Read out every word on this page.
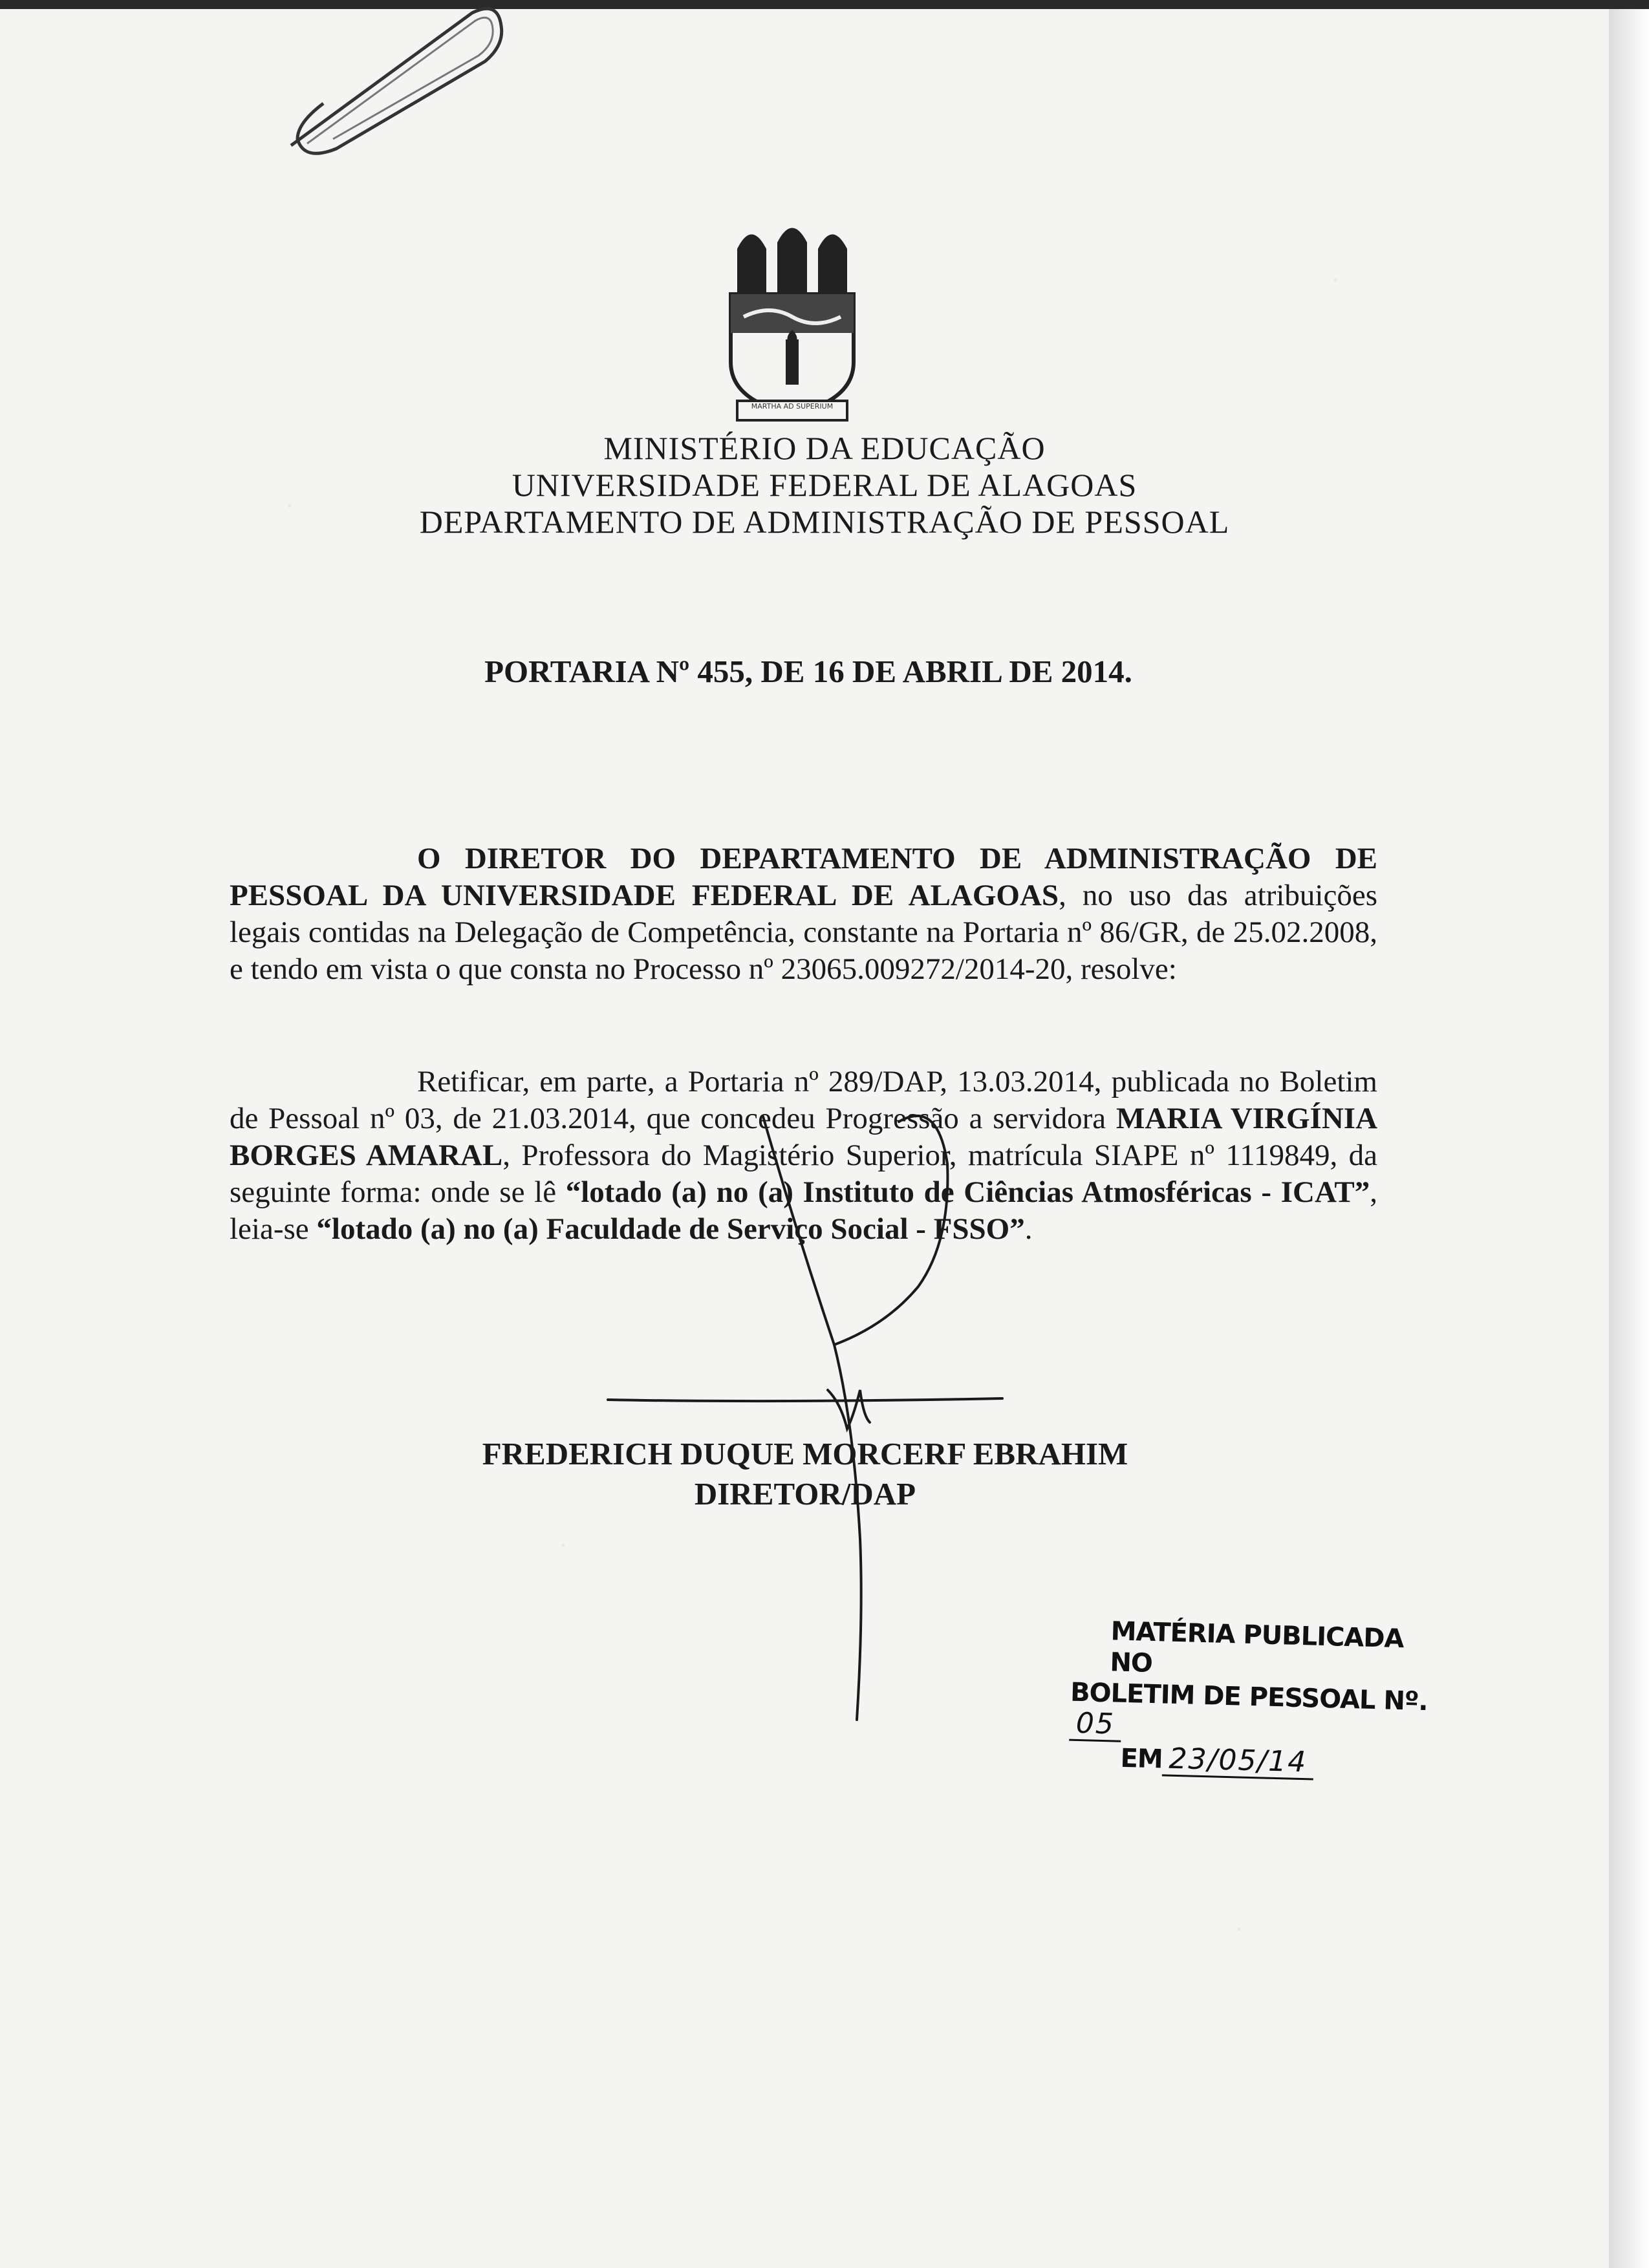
MARTHA AD SUPERIUM
MINISTÉRIO DA EDUCAÇÃO
UNIVERSIDADE FEDERAL DE ALAGOAS
DEPARTAMENTO DE ADMINISTRAÇÃO DE PESSOAL
PORTARIA Nº 455, DE 16 DE ABRIL DE 2014.

O DIRETOR DO DEPARTAMENTO DE ADMINISTRAÇÃO DE PESSOAL DA UNIVERSIDADE FEDERAL DE ALAGOAS, no uso das atribuições legais contidas na Delegação de Competência, constante na Portaria nº 86/GR, de 25.02.2008, e tendo em vista o que consta no Processo nº 23065.009272/2014-20, resolve:

Retificar, em parte, a Portaria nº 289/DAP, 13.03.2014, publicada no Boletim de Pessoal nº 03, de 21.03.2014, que concedeu Progressão a servidora MARIA VIRGÍNIA BORGES AMARAL, Professora do Magistério Superior, matrícula SIAPE nº 1119849, da seguinte forma: onde se lê “lotado (a) no (a) Instituto de Ciências Atmosféricas - ICAT”, leia-se “lotado (a) no (a) Faculdade de Serviço Social - FSSO”.

FREDERICH DUQUE MORCERF EBRAHIM
DIRETOR/DAP
MATÉRIA PUBLICADA NO
BOLETIM DE PESSOAL Nº. 05
EM 23/05/14
